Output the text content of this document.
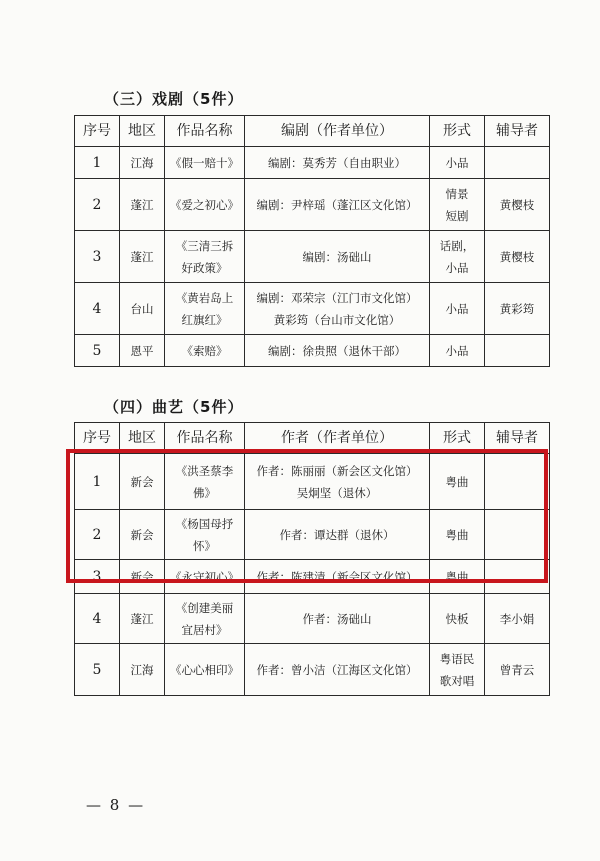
（三）戏剧（5件）
序号	地区	作品名称	编剧（作者单位）	形式	辅导者
1	江海	《假一赔十》	编剧：莫秀芳（自由职业）	小品	

2	蓬江	《爱之初心》	编剧：尹梓瑶（蓬江区文化馆）	情景
短剧	黄樱枝
3	蓬江	《三清三拆
好政策》	编剧：汤础山	话剧，
小品	黄樱枝
4	台山	《黄岩岛上
红旗红》	编剧：邓荣宗（江门市文化馆）
黄彩筠（台山市文化馆）	小品	黄彩筠
5	恩平	《索赔》	编剧：徐贵照（退休干部）	小品	

（四）曲艺（5件）
序号	地区	作品名称	作者（作者单位）	形式	辅导者
1	新会	《洪圣蔡李
佛》	作者：陈丽丽（新会区文化馆）
吴炯坚（退休）	粤曲	

2	新会	《杨国母抒
怀》	作者：谭达群（退休）	粤曲	

3	新会	《永守初心》	作者：陈建清（新会区文化馆）	粤曲	

4	蓬江	《创建美丽
宜居村》	作者：汤础山	快板	李小娟
5	江海	《心心相印》	作者：曾小洁（江海区文化馆）	粤语民
歌对唱	曾青云
— 8 —
